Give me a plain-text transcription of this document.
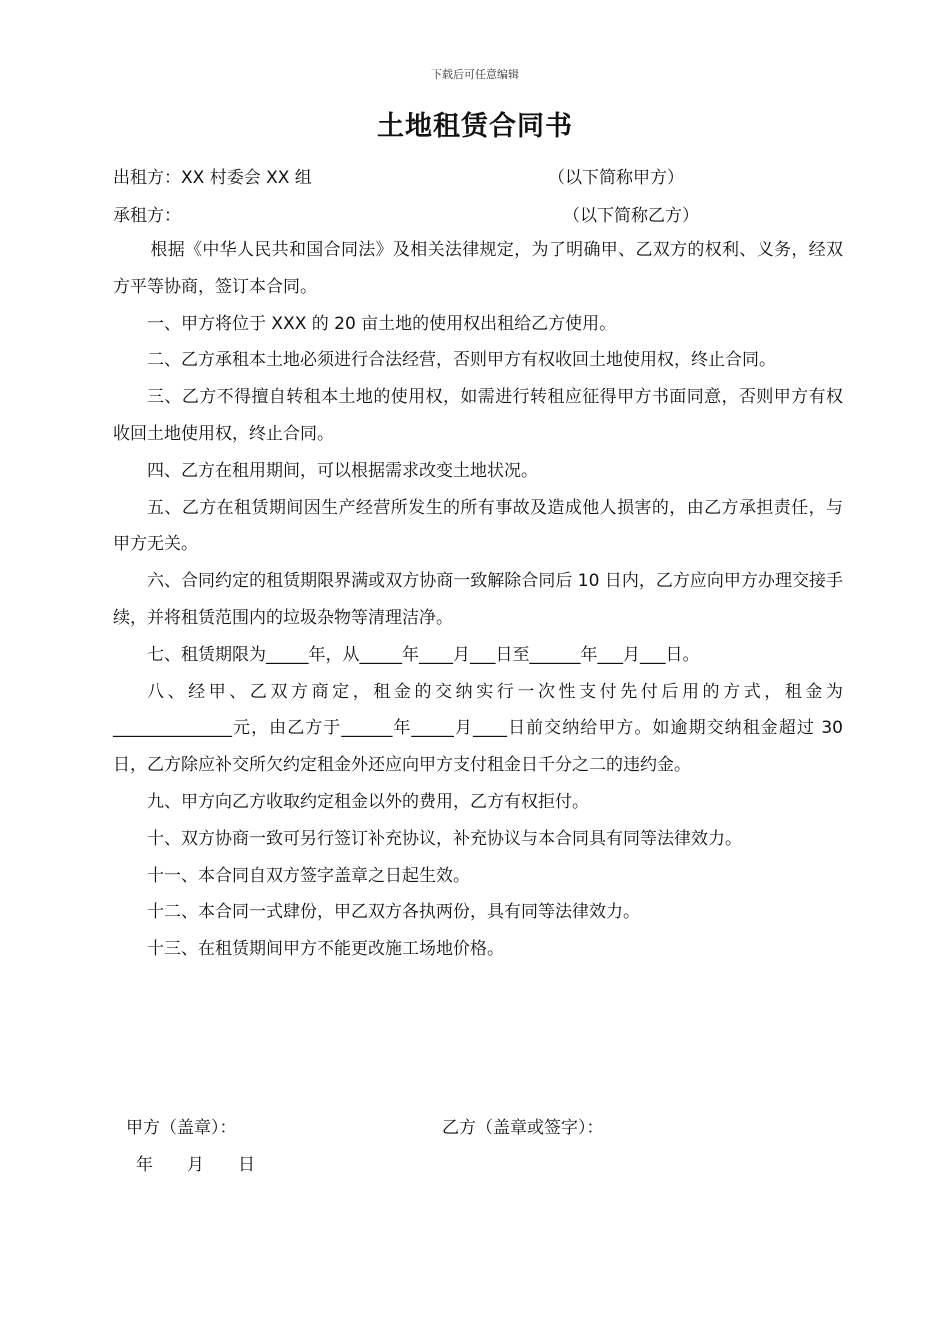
下载后可任意编辑
土地租赁合同书
出租方：XX 村委会 XX 组	（以下简称甲方）
承租方：	（以下简称乙方）

根据《中华人民共和国合同法》及相关法律规定，为了明确甲、乙双方的权利、义务，经双方平等协商，签订本合同。

一、甲方将位于 XXX 的 20 亩土地的使用权出租给乙方使用。

二、乙方承租本土地必须进行合法经营，否则甲方有权收回土地使用权，终止合同。

三、乙方不得擅自转租本土地的使用权，如需进行转租应征得甲方书面同意，否则甲方有权收回土地使用权，终止合同。

四、乙方在租用期间，可以根据需求改变土地状况。

五、乙方在租赁期间因生产经营所发生的所有事故及造成他人损害的，由乙方承担责任，与甲方无关。

六、合同约定的租赁期限界满或双方协商一致解除合同后 10 日内，乙方应向甲方办理交接手续，并将租赁范围内的垃圾杂物等清理洁净。

七、租赁期限为_____年，从_____年____月___日至______年___月___日。

八、经甲、乙双方商定，租金的交纳实行一次性支付先付后用的方式，租金为______________元，由乙方于______年_____月____日前交纳给甲方。如逾期交纳租金超过 30 日，乙方除应补交所欠约定租金外还应向甲方支付租金日千分之二的违约金。

九、甲方向乙方收取约定租金以外的费用，乙方有权拒付。

十、双方协商一致可另行签订补充协议，补充协议与本合同具有同等法律效力。

十一、本合同自双方签字盖章之日起生效。

十二、本合同一式肆份，甲乙双方各执两份，具有同等法律效力。

十三、在租赁期间甲方不能更改施工场地价格。

甲方（盖章）：	乙方（盖章或签字）：
年　　月　　日
